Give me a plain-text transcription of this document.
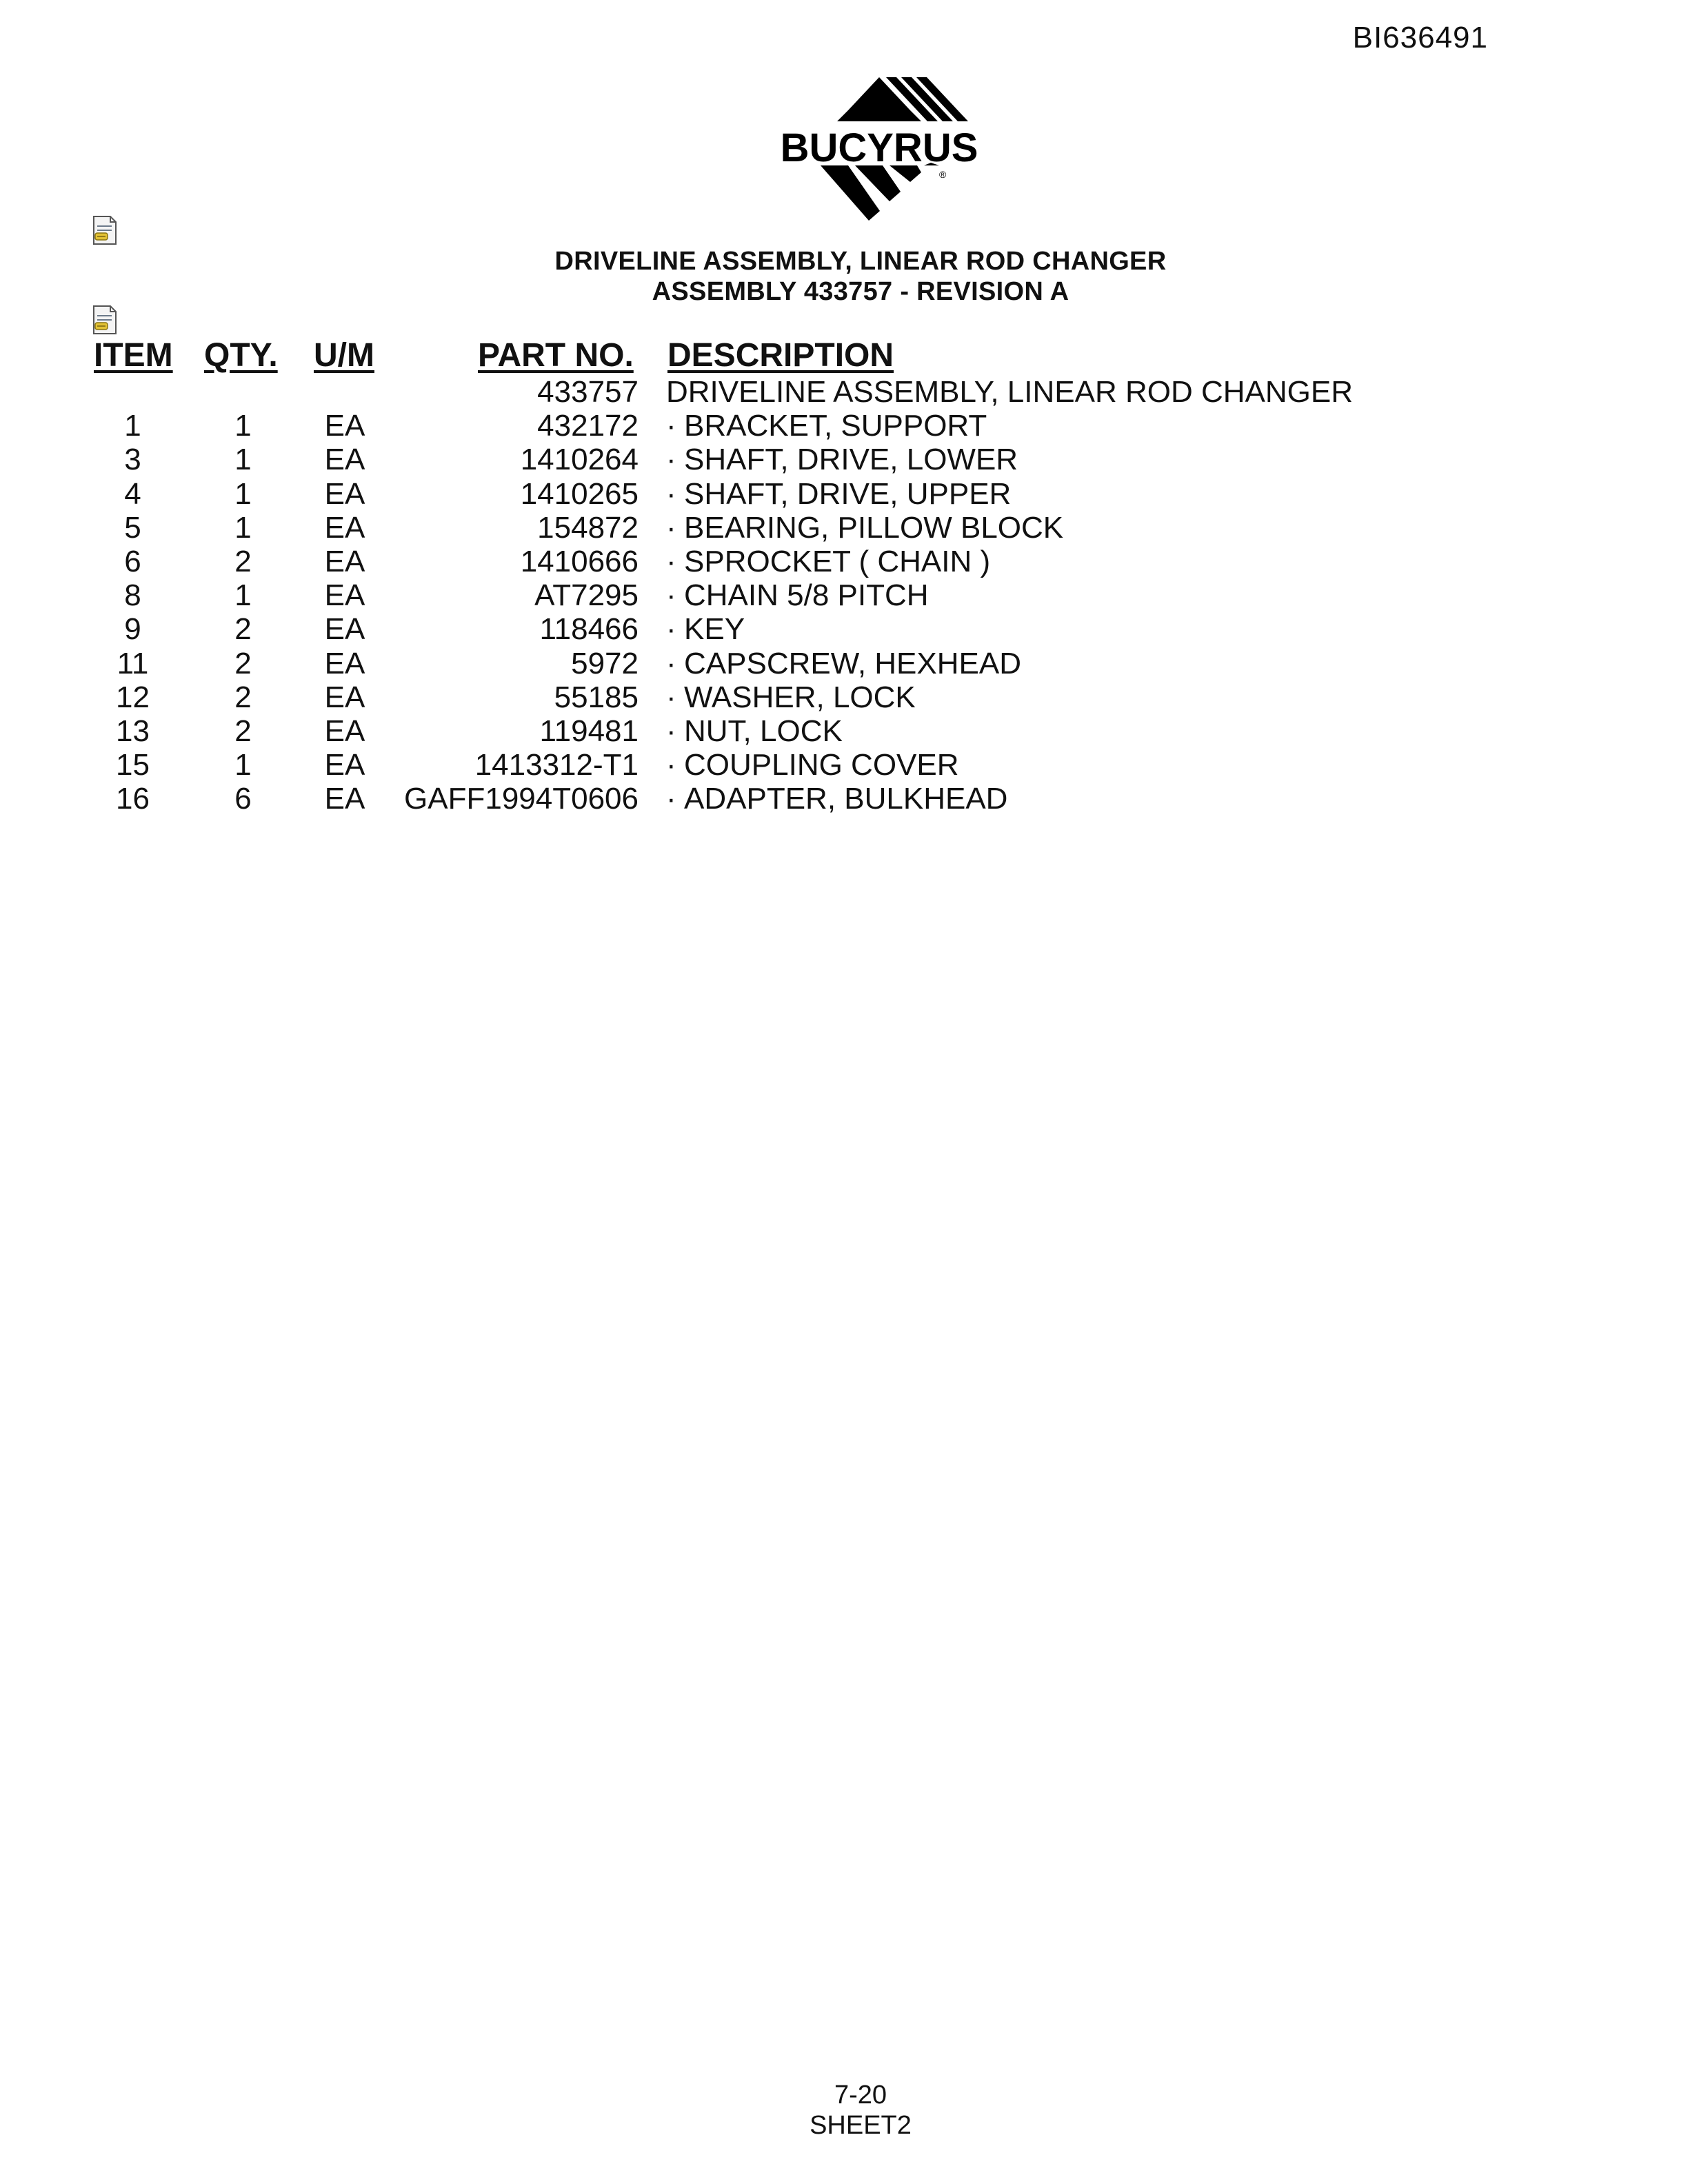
BI636491
BUCYRUS
®
DRIVELINE ASSEMBLY, LINEAR ROD CHANGER
ASSEMBLY 433757 - REVISION A
ITEM QTY. U/M	PART NO. DESCRIPTION
433757 DRIVELINE ASSEMBLY, LINEAR ROD CHANGER
1	1	EA	432172 · BRACKET, SUPPORT
3	1	EA	1410264 · SHAFT, DRIVE, LOWER
4	1	EA	1410265 · SHAFT, DRIVE, UPPER
5	1	EA	154872 · BEARING, PILLOW BLOCK
6	2	EA	1410666 · SPROCKET ( CHAIN )
8	1	EA	AT7295 · CHAIN 5/8 PITCH
9	2	EA	118466 · KEY
11	2	EA	5972 · CAPSCREW, HEXHEAD
12	2	EA	55185 · WASHER, LOCK
13	2	EA	119481 · NUT, LOCK
15	1	EA	1413312-T1 · COUPLING COVER
16	6	EA	GAFF1994T0606 · ADAPTER, BULKHEAD
7-20
SHEET2
